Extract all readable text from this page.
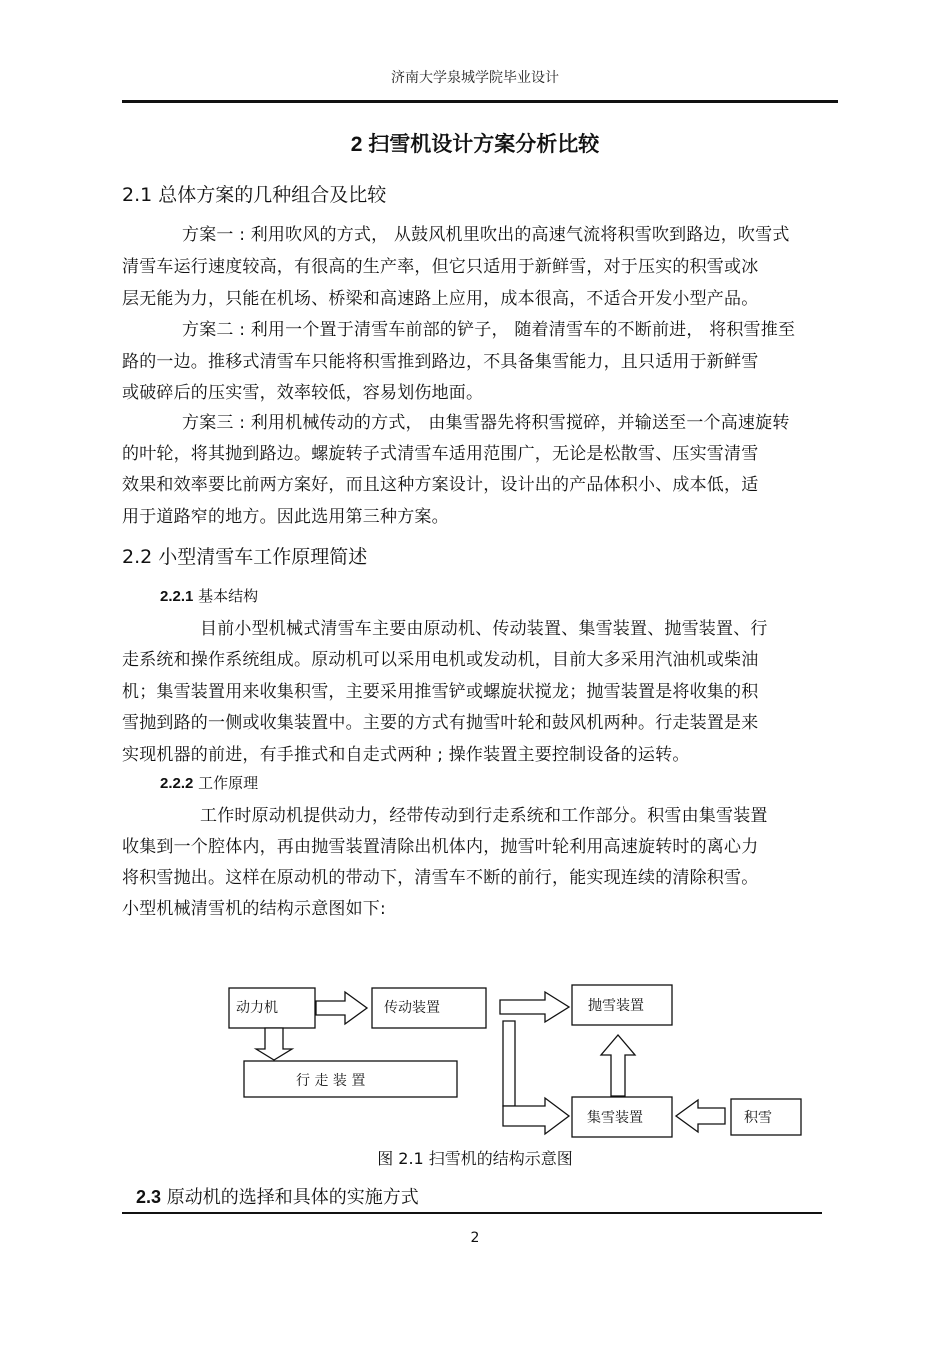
济南大学泉城学院毕业设计
2 扫雪机设计方案分析比较
2.1 总体方案的几种组合及比较
方案一 : 利用吹风的方式， 从鼓风机里吹出的高速气流将积雪吹到路边，吹雪式
清雪车运行速度较高，有很高的生产率，但它只适用于新鲜雪，对于压实的积雪或冰
层无能为力，只能在机场、桥梁和高速路上应用，成本很高，不适合开发小型产品。
方案二 : 利用一个置于清雪车前部的铲子， 随着清雪车的不断前进， 将积雪推至
路的一边。推移式清雪车只能将积雪推到路边，不具备集雪能力，且只适用于新鲜雪
或破碎后的压实雪，效率较低，容易划伤地面。
方案三 : 利用机械传动的方式， 由集雪器先将积雪搅碎，并输送至一个高速旋转
的叶轮，将其抛到路边。螺旋转子式清雪车适用范围广，无论是松散雪、压实雪清雪
效果和效率要比前两方案好，而且这种方案设计，设计出的产品体积小、成本低，适
用于道路窄的地方。因此选用第三种方案。
2.2 小型清雪车工作原理简述
2.2.1 基本结构
目前小型机械式清雪车主要由原动机、传动装置、集雪装置、抛雪装置、行
走系统和操作系统组成。原动机可以采用电机或发动机，目前大多采用汽油机或柴油
机；集雪装置用来收集积雪，主要采用推雪铲或螺旋状搅龙；抛雪装置是将收集的积
雪抛到路的一侧或收集装置中。主要的方式有抛雪叶轮和鼓风机两种。行走装置是来
实现机器的前进，有手推式和自走式两种 ; 操作装置主要控制设备的运转。
2.2.2 工作原理
工作时原动机提供动力，经带传动到行走系统和工作部分。积雪由集雪装置
收集到一个腔体内，再由抛雪装置清除出机体内，抛雪叶轮利用高速旋转时的离心力
将积雪抛出。这样在原动机的带动下，清雪车不断的前行，能实现连续的清除积雪。
小型机械清雪机的结构示意图如下:
动力机	传动装置
行 走 装 置
抛雪装置
集雪装置	积雪
图 2.1 扫雪机的结构示意图
2.3 原动机的选择和具体的实施方式
2
